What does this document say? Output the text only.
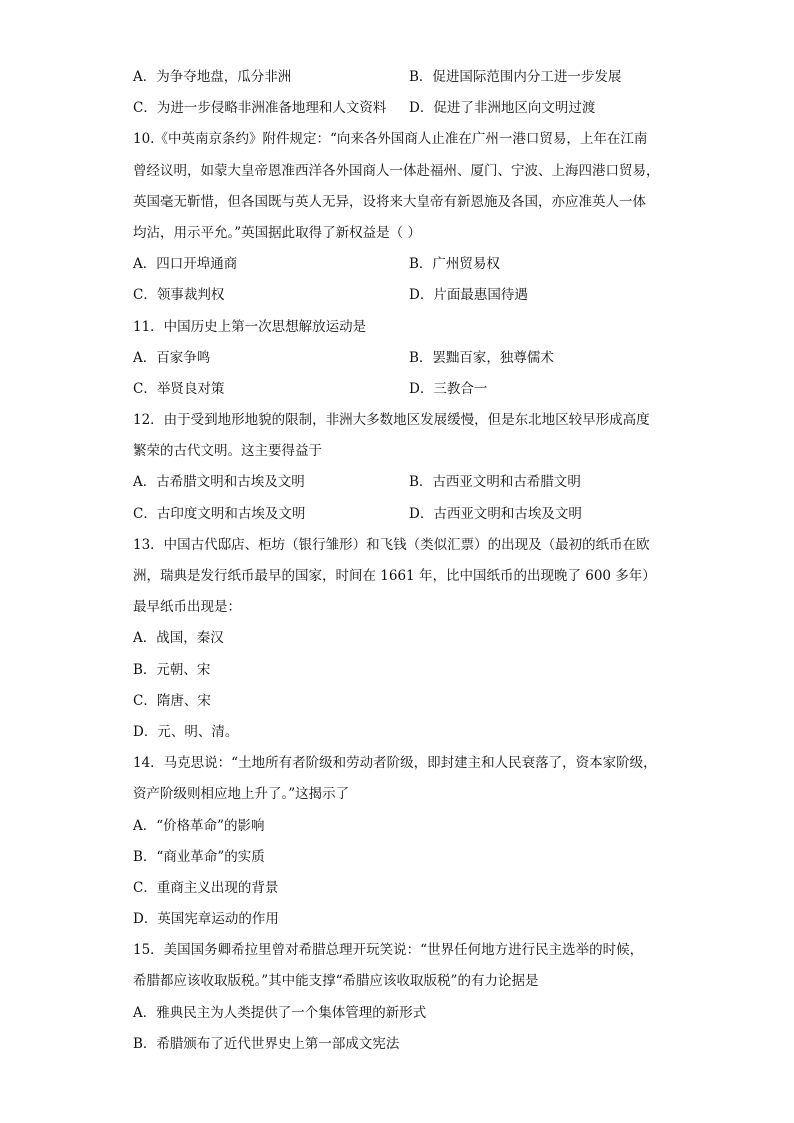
A．为争夺地盘，瓜分非洲	B．促进国际范围内分工进一步发展
C．为进一步侵略非洲准备地理和人文资料	D．促进了非洲地区向文明过渡
10.《中英南京条约》附件规定：“向来各外国商人止准在广州一港口贸易，上年在江南
曾经议明，如蒙大皇帝恩准西洋各外国商人一体赴福州、厦门、宁波、上海四港口贸易，
英国毫无靳惜，但各国既与英人无异，设将来大皇帝有新恩施及各国，亦应准英人一体
均沾，用示平允。”英国据此取得了新权益是（ ）
A．四口开埠通商	B．广州贸易权
C．领事裁判权	D．片面最惠国待遇
11．中国历史上第一次思想解放运动是
A．百家争鸣	B．罢黜百家，独尊儒术
C．举贤良对策	D．三教合一
12．由于受到地形地貌的限制，非洲大多数地区发展缓慢，但是东北地区较早形成高度
繁荣的古代文明。这主要得益于
A．古希腊文明和古埃及文明	B．古西亚文明和古希腊文明
C．古印度文明和古埃及文明	D．古西亚文明和古埃及文明
13．中国古代邸店、柜坊（银行雏形）和飞钱（类似汇票）的出现及（最初的纸币在欧
洲，瑞典是发行纸币最早的国家，时间在 1661 年，比中国纸币的出现晚了 600 多年）
最早纸币出现是：
A．战国，秦汉
B．元朝、宋
C．隋唐、宋
D．元、明、清。
14．马克思说：“土地所有者阶级和劳动者阶级，即封建主和人民衰落了，资本家阶级，
资产阶级则相应地上升了。”这揭示了
A．“价格革命”的影响
B．“商业革命”的实质
C．重商主义出现的背景
D．英国宪章运动的作用
15．美国国务卿希拉里曾对希腊总理开玩笑说：“世界任何地方进行民主选举的时候，
希腊都应该收取版税。”其中能支撑“希腊应该收取版税”的有力论据是
A．雅典民主为人类提供了一个集体管理的新形式
B．希腊颁布了近代世界史上第一部成文宪法
